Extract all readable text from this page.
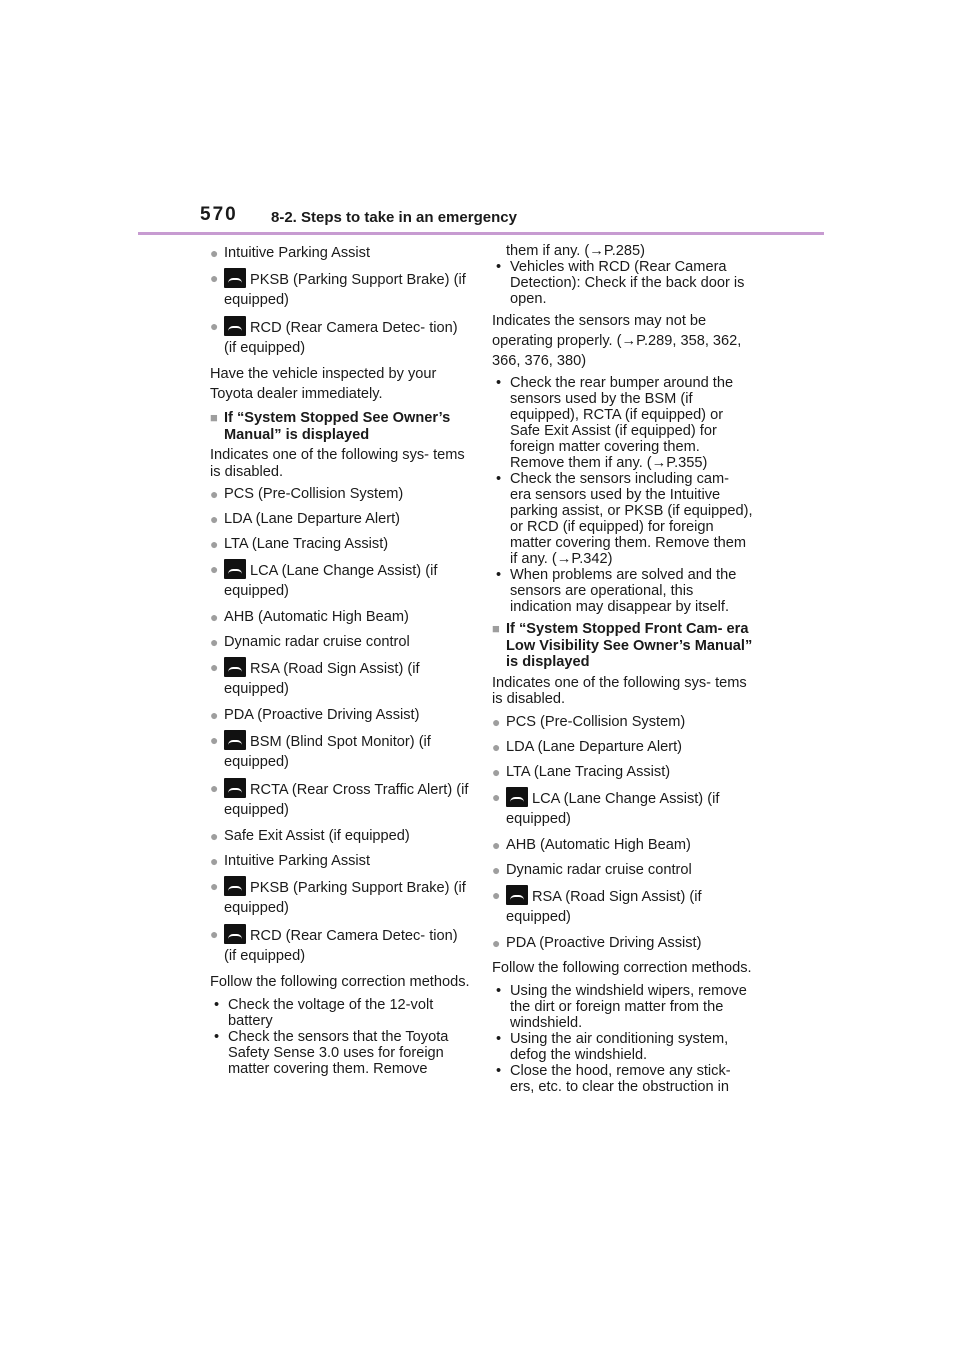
570 8-2. Steps to take in an emergency
● Intuitive Parking Assist
●	PKSB (Parking Support Brake) (if equipped)
●	RCD (Rear Camera Detec- tion) (if equipped)
Have the vehicle inspected by your Toyota dealer immediately.
■ If “System Stopped See Owner’s Manual” is displayed
Indicates one of the following sys- tems is disabled.
● PCS (Pre-Collision System)
● LDA (Lane Departure Alert)
● LTA (Lane Tracing Assist)
●	LCA (Lane Change Assist) (if equipped)
● AHB (Automatic High Beam)
● Dynamic radar cruise control
●	RSA (Road Sign Assist) (if equipped)
● PDA (Proactive Driving Assist)
●	BSM (Blind Spot Monitor) (if equipped)
●	RCTA (Rear Cross Traffic Alert) (if equipped)
● Safe Exit Assist (if equipped)
● Intuitive Parking Assist
●	PKSB (Parking Support Brake) (if equipped)
●	RCD (Rear Camera Detec- tion) (if equipped)
Follow the following correction methods.
• Check the voltage of the 12-volt battery
• Check the sensors that the Toyota Safety Sense 3.0 uses for foreign matter covering them. Remove
them if any. (→P.285)
• Vehicles with RCD (Rear Camera Detection): Check if the back door is open.
Indicates the sensors may not be operating properly. (→P.289, 358, 362, 366, 376, 380)
• Check the rear bumper around the sensors used by the BSM (if equipped), RCTA (if equipped) or Safe Exit Assist (if equipped) for foreign matter covering them. Remove them if any. (→P.355)
• Check the sensors including cam- era sensors used by the Intuitive parking assist, or PKSB (if equipped), or RCD (if equipped) for foreign matter covering them. Remove them if any. (→P.342)
• When problems are solved and the sensors are operational, this indication may disappear by itself.
■ If “System Stopped Front Cam- era Low Visibility See Owner’s Manual” is displayed
Indicates one of the following sys- tems is disabled.
● PCS (Pre-Collision System)
● LDA (Lane Departure Alert)
● LTA (Lane Tracing Assist)
●	LCA (Lane Change Assist) (if equipped)
● AHB (Automatic High Beam)
● Dynamic radar cruise control
●	RSA (Road Sign Assist) (if equipped)
● PDA (Proactive Driving Assist)
Follow the following correction methods.
• Using the windshield wipers, remove the dirt or foreign matter from the windshield.
• Using the air conditioning system, defog the windshield.
• Close the hood, remove any stick- ers, etc. to clear the obstruction in
